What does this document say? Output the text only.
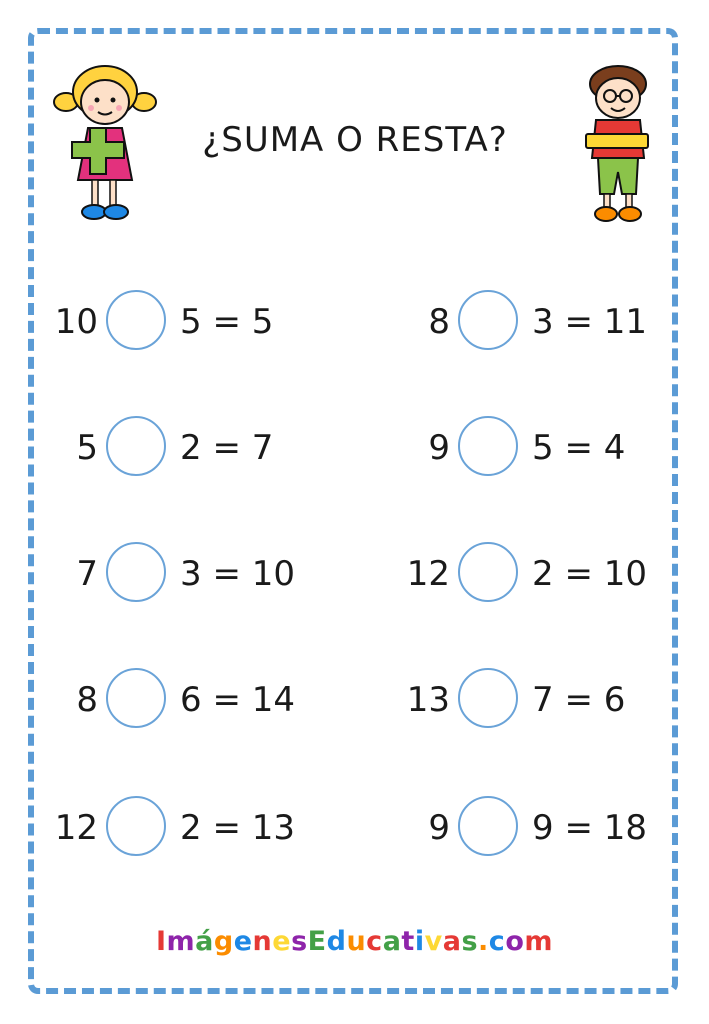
¿SUMA O RESTA?
10 5 = 5
5 2 = 7
7 3 = 10
8 6 = 14
12 2 = 13
8 3 = 11
9 5 = 4
12 2 = 10
13 7 = 6
9 9 = 18
ImágenesEducativas.com
